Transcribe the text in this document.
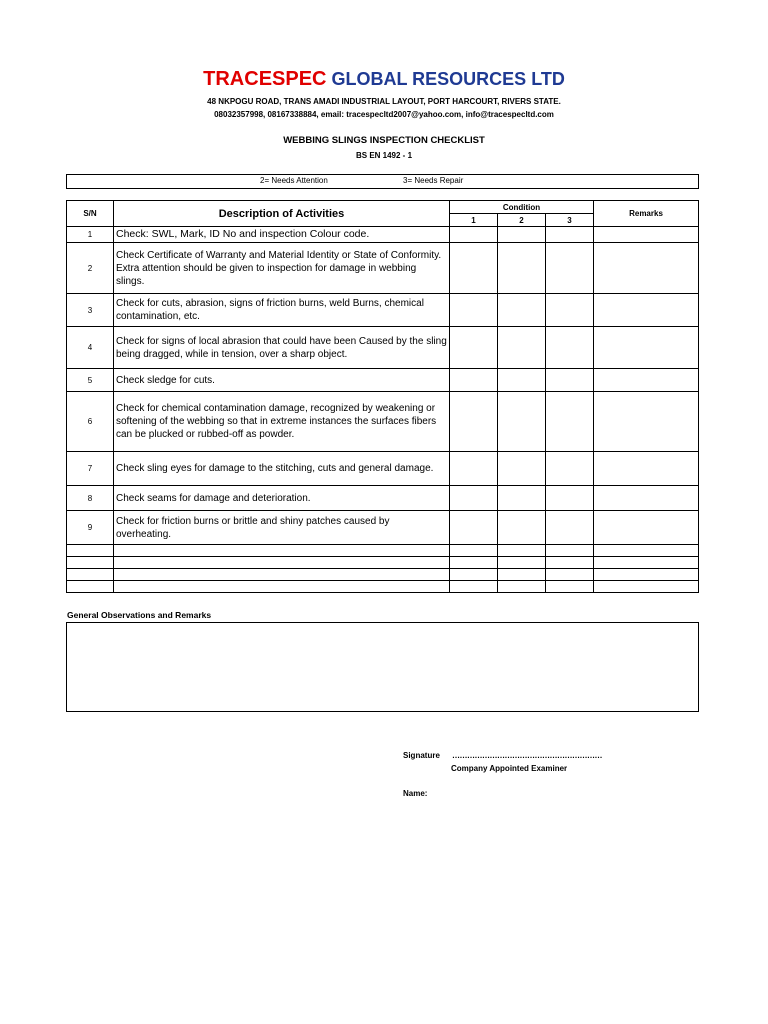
TRACESPEC GLOBAL RESOURCES LTD
48 NKPOGU ROAD, TRANS AMADI INDUSTRIAL LAYOUT, PORT HARCOURT, RIVERS STATE.
08032357998, 08167338884, email: tracespecltd2007@yahoo.com, info@tracespecltd.com
WEBBING SLINGS INSPECTION CHECKLIST
BS EN 1492 - 1
2= Needs Attention	3= Needs Repair
S/N	Description of Activities	Condition			Remarks
		1	2	3	
1	Check: SWL, Mark, ID No and inspection Colour code.				
2	Check Certificate of Warranty and Material Identity or State of Conformity. Extra attention should be given to inspection for damage in webbing slings.				
3	Check for cuts, abrasion, signs of friction burns, weld Burns, chemical contamination, etc.				
4	Check for signs of local abrasion that could have been Caused by the sling being dragged, while in tension, over a sharp object.				
5	Check sledge for cuts.				
6	Check for chemical contamination damage, recognized by weakening or softening of the webbing so that in extreme instances the surfaces fibers can be plucked or rubbed-off as powder.				
7	Check sling eyes for damage to the stitching, cuts and general damage.				
8	Check seams for damage and deterioration.				
9	Check for friction burns or brittle and shiny patches caused by overheating.				

General Observations and Remarks
Signature ……………………………………………………
Company Appointed Examiner
Name:
